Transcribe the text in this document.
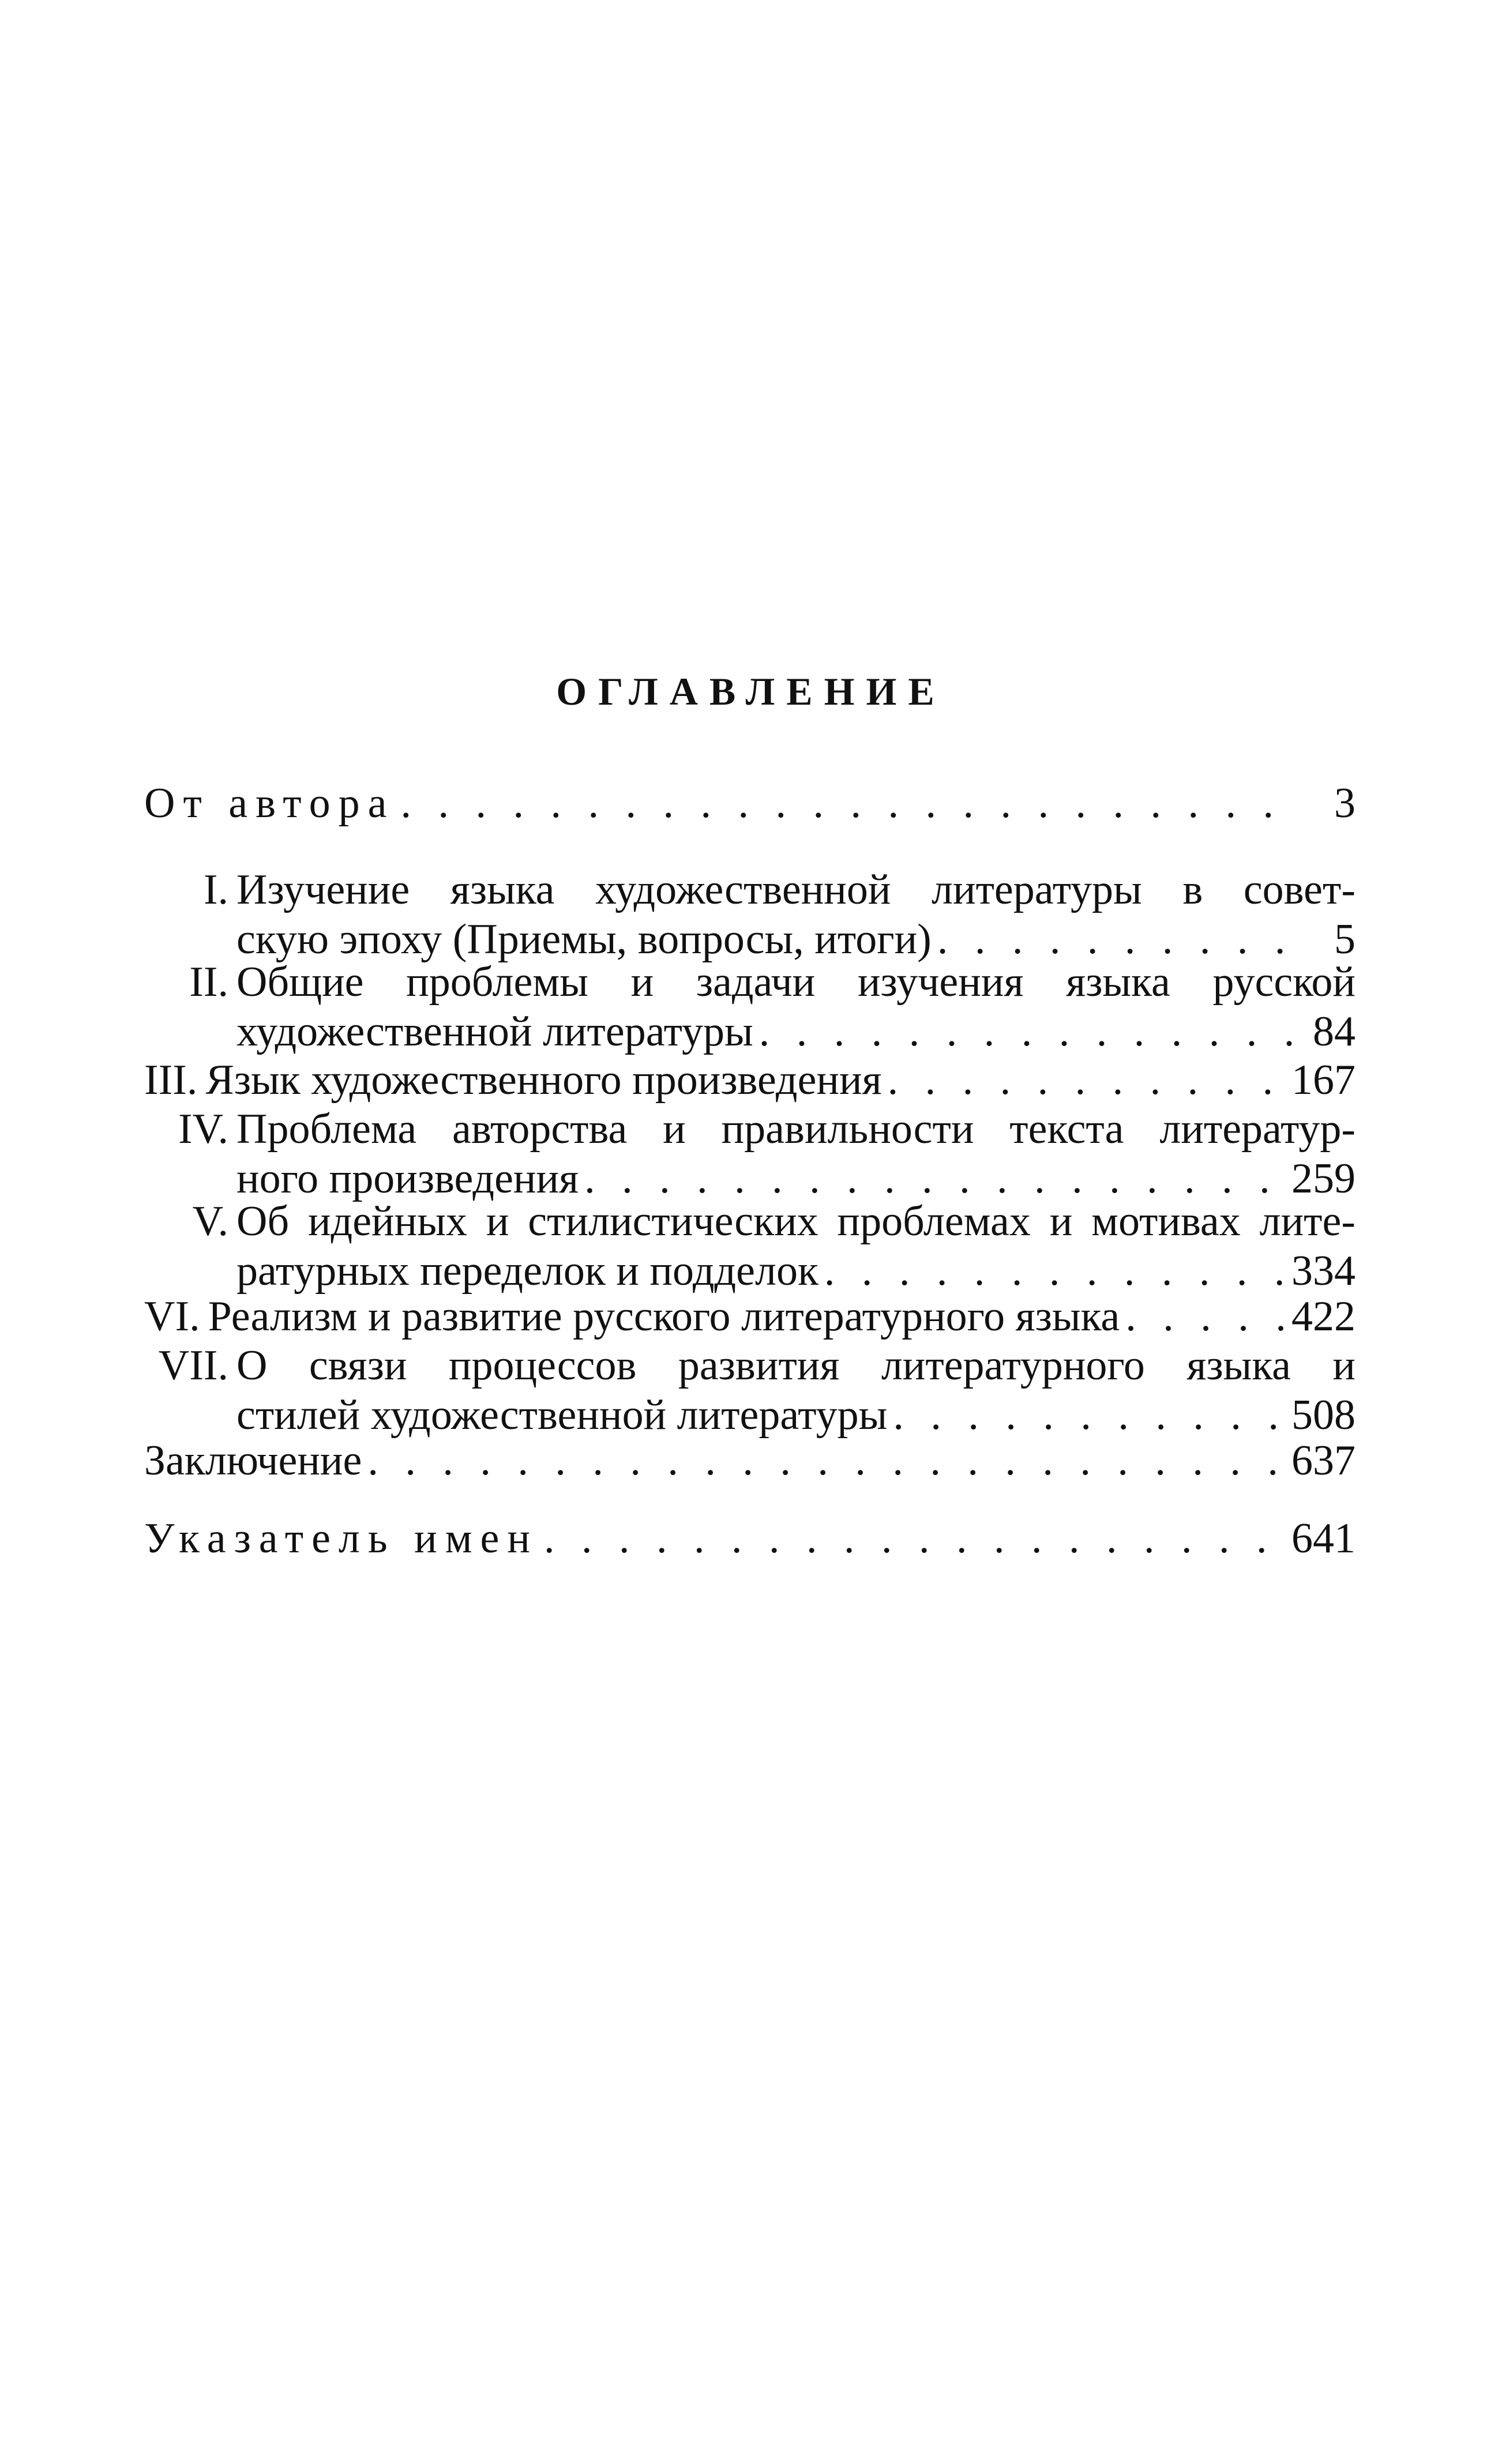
ОГЛАВЛЕНИЕ
От автора . . .	3
I. Изучение языка художественной литературы в совет-
скую эпоху (Приемы, вопросы, итоги) . . .	5
II. Общие проблемы и задачи изучения языка русской
художественной литературы . . .	84
III. Язык художественного произведения . . .	167
IV. Проблема авторства и правильности текста литератур-
ного произведения . . .	259
V. Об идейных и стилистических проблемах и мотивах лите-
ратурных переделок и подделок . . .	334
VI. Реализм и развитие русского литературного языка . . .	422
VII. О связи процессов развития литературного языка и
стилей художественной литературы . . .	508
Заключение . . .	637
Указатель имен . . .	641
